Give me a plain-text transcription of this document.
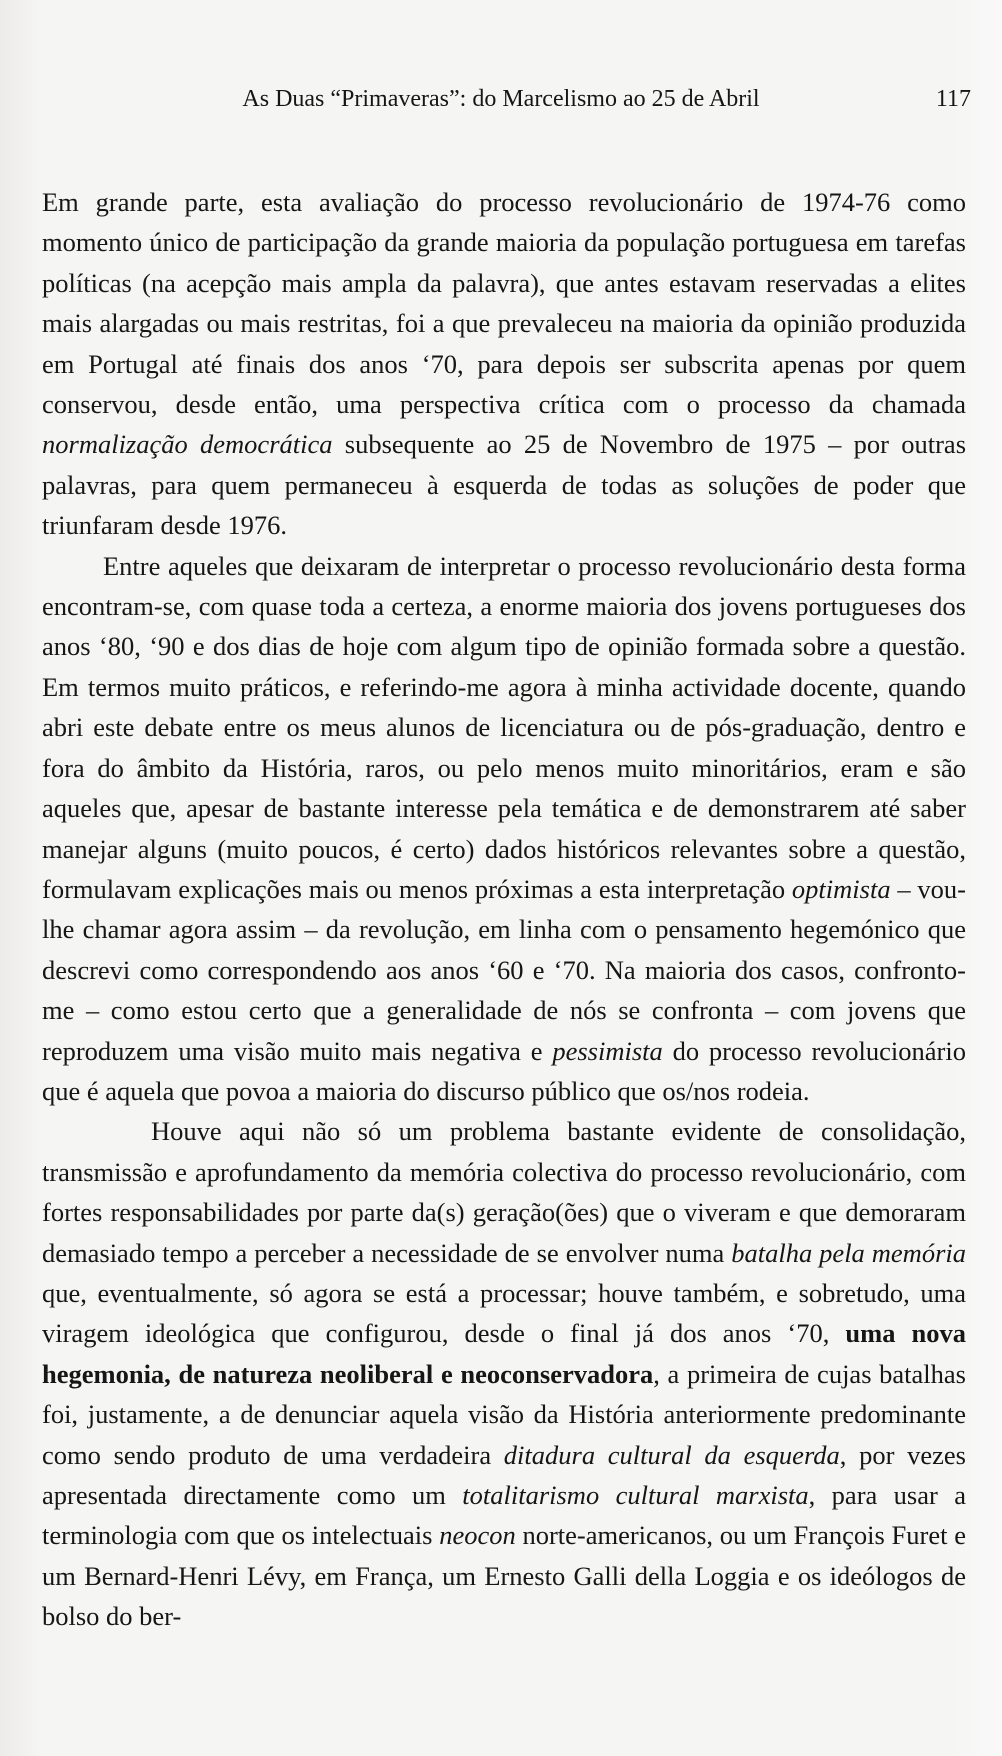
As Duas “Primaveras”: do Marcelismo ao 25 de Abril	117

Em grande parte, esta avaliação do processo revolucionário de 1974-76 como momento único de participação da grande maioria da população portuguesa em tarefas políticas (na acepção mais ampla da palavra), que antes estavam reservadas a elites mais alargadas ou mais restritas, foi a que prevaleceu na maioria da opinião produzida em Portugal até finais dos anos ‘70, para depois ser subscrita apenas por quem conservou, desde então, uma perspectiva crítica com o processo da chamada normalização democrática subsequente ao 25 de Novembro de 1975 – por outras palavras, para quem permaneceu à esquerda de todas as soluções de poder que triunfaram desde 1976.

Entre aqueles que deixaram de interpretar o processo revolucionário desta forma encontram-se, com quase toda a certeza, a enorme maioria dos jovens portugueses dos anos ‘80, ‘90 e dos dias de hoje com algum tipo de opinião formada sobre a questão. Em termos muito práticos, e referindo-me agora à minha actividade docente, quando abri este debate entre os meus alunos de licenciatura ou de pós-graduação, dentro e fora do âmbito da História, raros, ou pelo menos muito minoritários, eram e são aqueles que, apesar de bastante interesse pela temática e de demonstrarem até saber manejar alguns (muito poucos, é certo) dados históricos relevantes sobre a questão, formulavam explicações mais ou menos próximas a esta interpretação optimista – vou-lhe chamar agora assim – da revolução, em linha com o pensamento hegemónico que descrevi como correspondendo aos anos ‘60 e ‘70. Na maioria dos casos, confronto-me – como estou certo que a generalidade de nós se confronta – com jovens que reproduzem uma visão muito mais negativa e pessimista do processo revolucionário que é aquela que povoa a maioria do discurso público que os/nos rodeia.

Houve aqui não só um problema bastante evidente de consolidação, transmissão e aprofundamento da memória colectiva do processo revolucionário, com fortes responsabilidades por parte da(s) geração(ões) que o viveram e que demoraram demasiado tempo a perceber a necessidade de se envolver numa batalha pela memória que, eventualmente, só agora se está a processar; houve também, e sobretudo, uma viragem ideológica que configurou, desde o final já dos anos ‘70, uma nova hegemonia, de natureza neoliberal e neoconservadora, a primeira de cujas batalhas foi, justamente, a de denunciar aquela visão da História anteriormente predominante como sendo produto de uma verdadeira ditadura cultural da esquerda, por vezes apresentada directamente como um totalitarismo cultural marxista, para usar a terminologia com que os intelectuais neocon norte-americanos, ou um François Furet e um Bernard-Henri Lévy, em França, um Ernesto Galli della Loggia e os ideólogos de bolso do ber-
